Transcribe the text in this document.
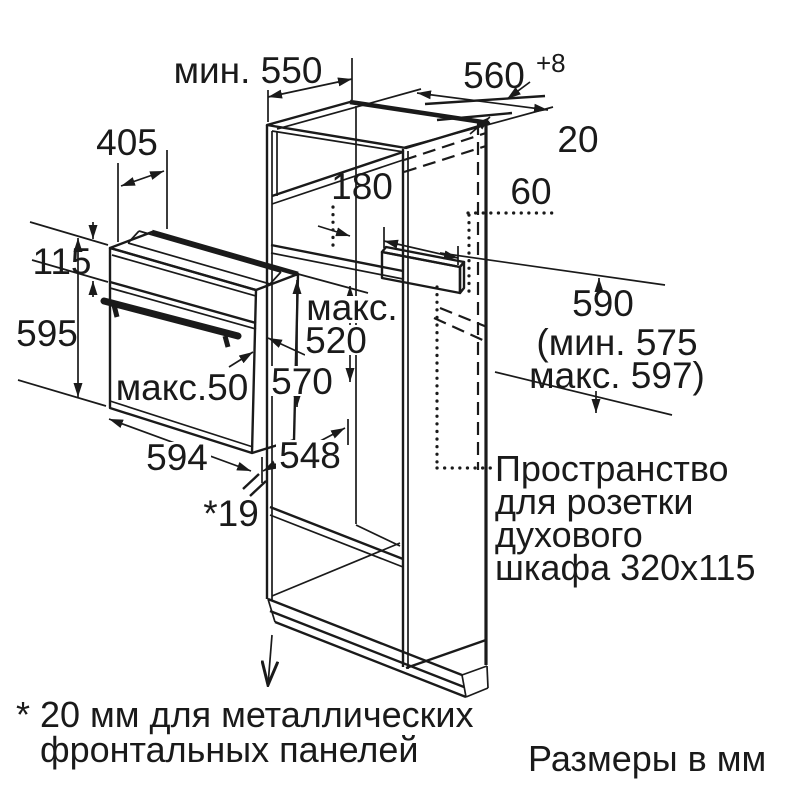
мин. 550	560 +8
20
405
180	60
115
595
макс.
520
570
макс.50
594 548
*19
590
(мин. 575
макс. 597)
Пространство
для розетки
духового
шкафа 320x115
* 20 мм для металлических
фронтальных панелей	Размеры в мм
